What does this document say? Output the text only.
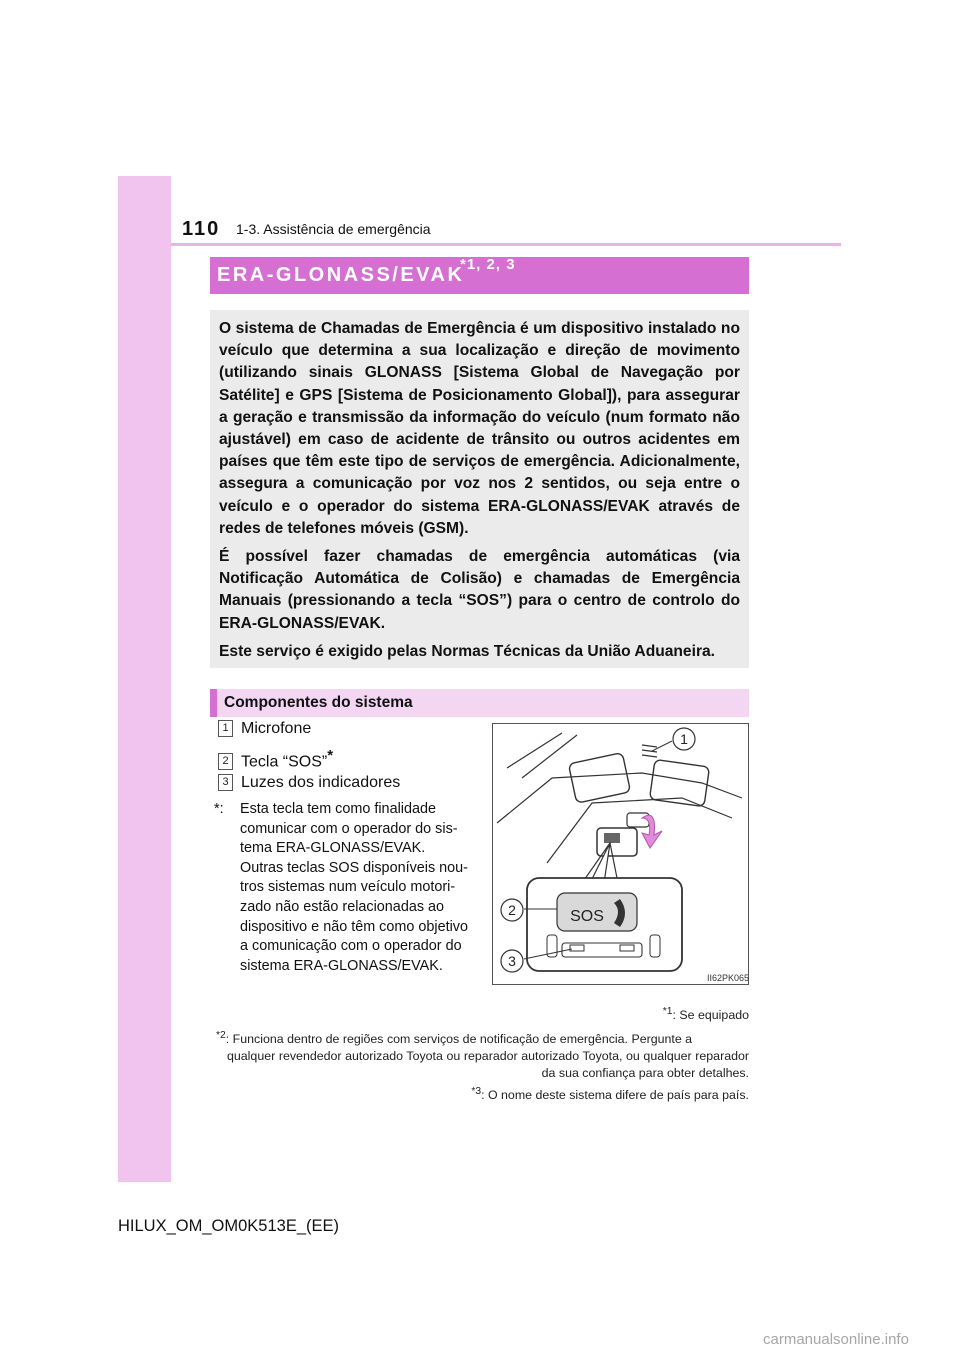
110 1-3. Assistência de emergência
ERA-GLONASS/EVAK
*1, 2, 3

O sistema de Chamadas de Emergência é um dispositivo instalado no veículo que determina a sua localização e direção de movimento (utilizando sinais GLONASS [Sistema Global de Navegação por Satélite] e GPS [Sistema de Posicionamento Global]), para assegurar a geração e transmissão da informação do veículo (num formato não ajustável) em caso de acidente de trânsito ou outros acidentes em países que têm este tipo de serviços de emergência. Adicionalmente, assegura a comunicação por voz nos 2 sentidos, ou seja entre o veículo e o operador do sistema ERA-GLONASS/EVAK através de redes de telefones móveis (GSM).

É possível fazer chamadas de emergência automáticas (via Notificação Automática de Colisão) e chamadas de Emergência Manuais (pressionando a tecla “SOS”) para o centro de controlo do ERA-GLONASS/EVAK.

Este serviço é exigido pelas Normas Técnicas da União Aduaneira.

Componentes do sistema
1 Microfone
2 Tecla “SOS”*
3 Luzes dos indicadores
*:	Esta tecla tem como finalidade
comunicar com o operador do sis-
tema ERA-GLONASS/EVAK.
Outras teclas SOS disponíveis nou-
tros sistemas num veículo motori-
zado não estão relacionadas ao
dispositivo e não têm como objetivo
a comunicação com o operador do
sistema ERA-GLONASS/EVAK.
1
SOS
2
3
II62PK065
$^{*1}$: Se equipado
$^{*2}$: Funciona dentro de regiões com serviços de notificação de emergência. Pergunte a
qualquer revendedor autorizado Toyota ou reparador autorizado Toyota, ou qualquer reparador da sua confiança para obter detalhes.
$^{*3}$: O nome deste sistema difere de país para país.
HILUX_OM_OM0K513E_(EE)
carmanualsonline.info
